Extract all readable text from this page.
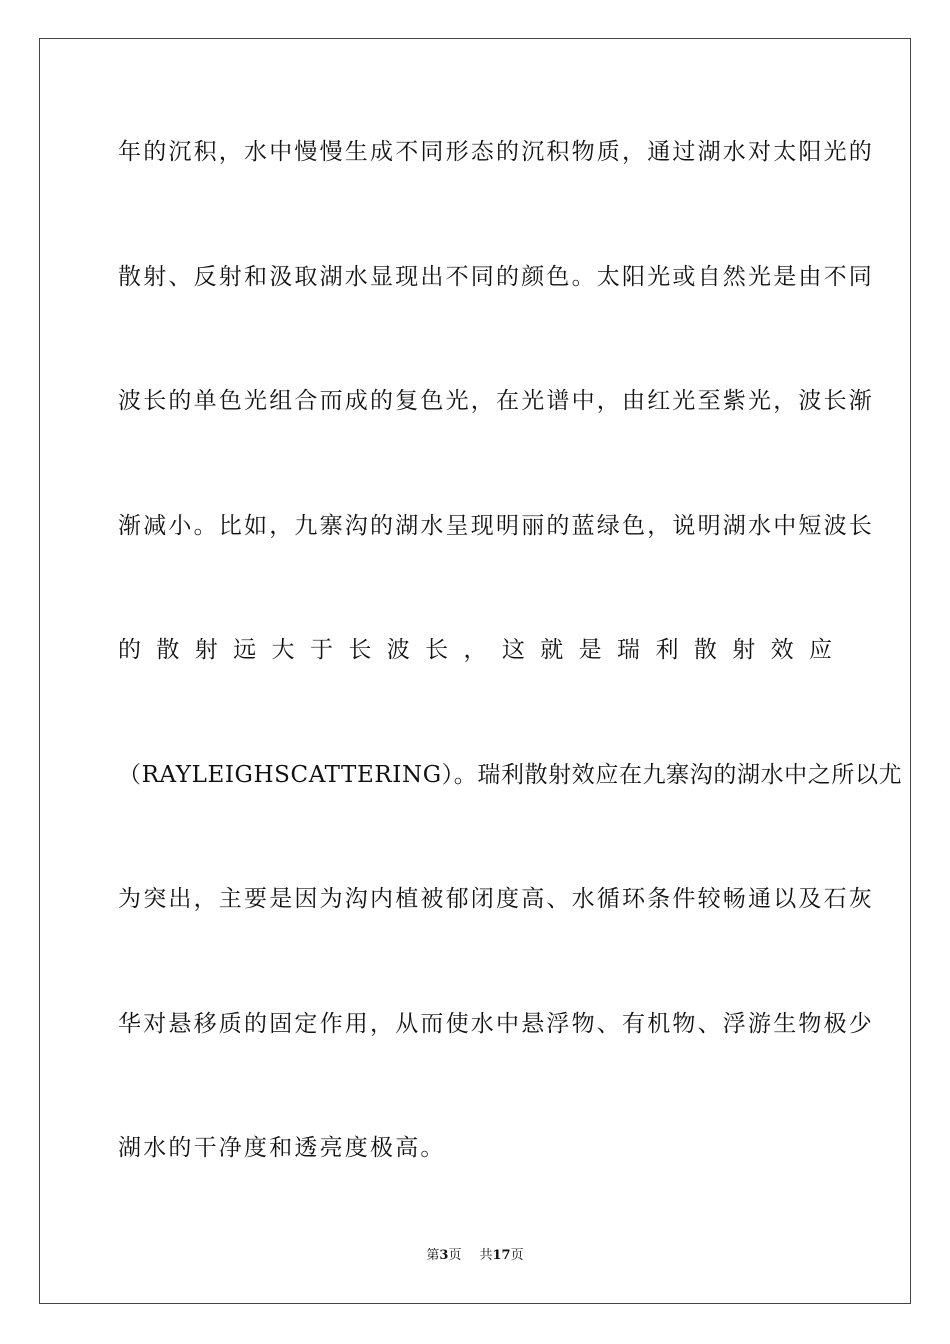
年的沉积，水中慢慢生成不同形态的沉积物质，通过湖水对太阳光的
散射、反射和汲取湖水显现出不同的颜色。太阳光或自然光是由不同
波长的单色光组合而成的复色光，在光谱中，由红光至紫光，波长渐
渐减小。比如，九寨沟的湖水呈现明丽的蓝绿色，说明湖水中短波长
的散射远大于长波长，这就是瑞利散射效应
（RAYLEIGHSCATTERING）。瑞利散射效应在九寨沟的湖水中之所以尤
为突出，主要是因为沟内植被郁闭度高、水循环条件较畅通以及石灰
华对悬移质的固定作用，从而使水中悬浮物、有机物、浮游生物极少
湖水的干净度和透亮度极高。
第3页 共17页
